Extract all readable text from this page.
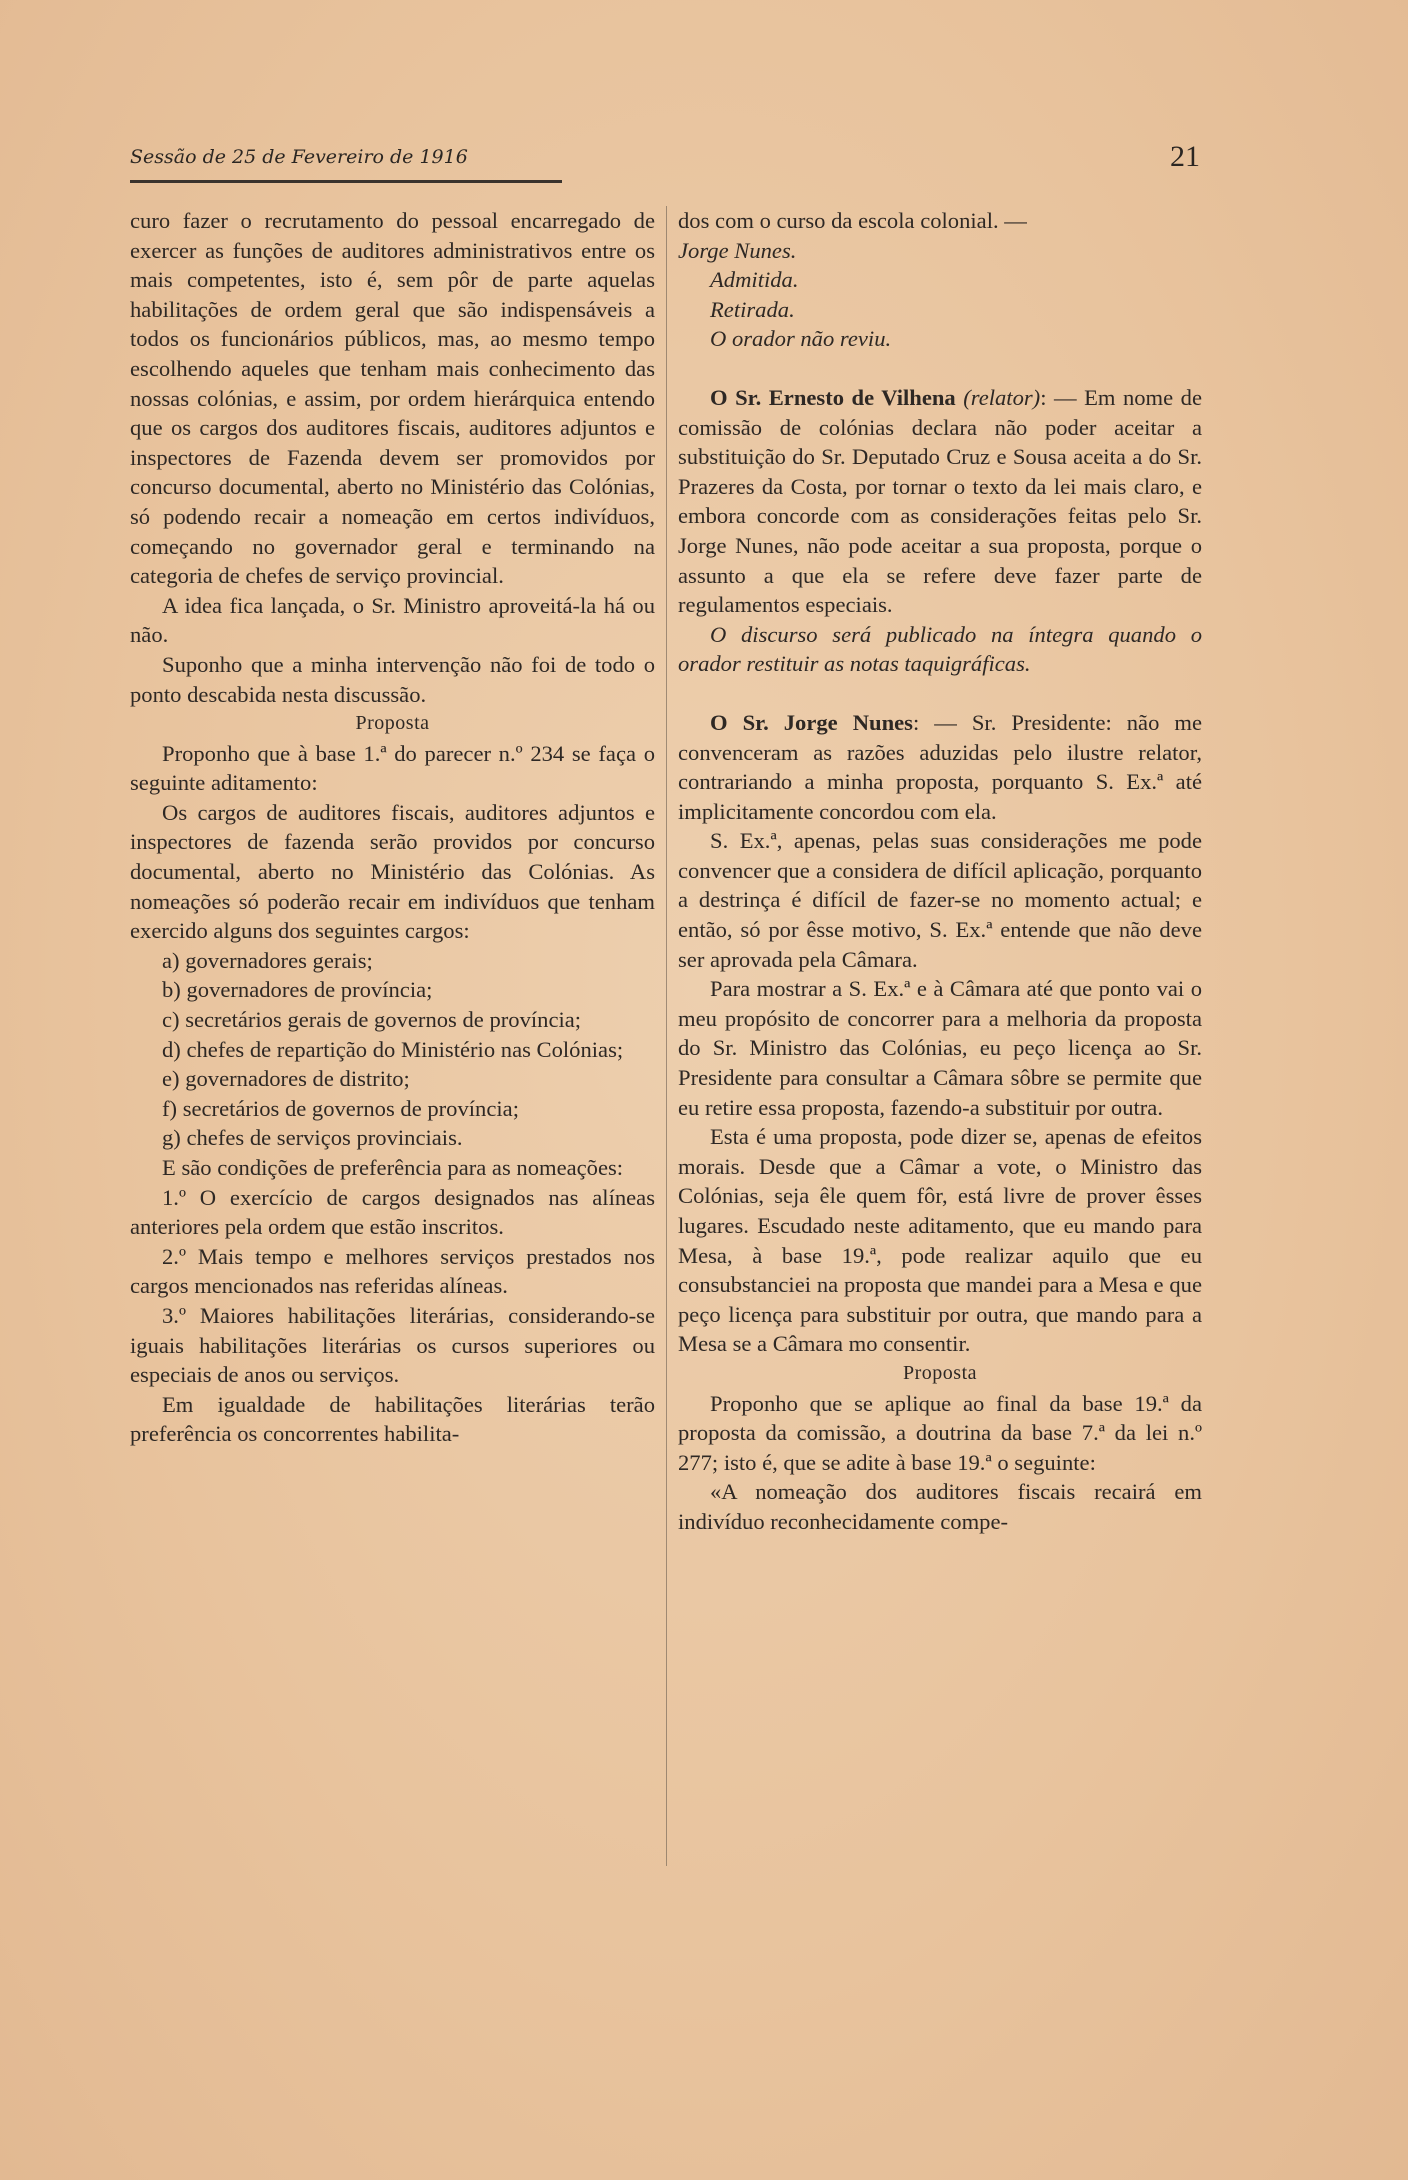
Sessão de 25 de Fevereiro de 1916	21

curo fazer o recrutamento do pessoal encarregado de exercer as funções de auditores administrativos entre os mais competentes, isto é, sem pôr de parte aquelas habilitações de ordem geral que são indispensáveis a todos os funcionários públicos, mas, ao mesmo tempo escolhendo aqueles que tenham mais conhecimento das nossas colónias, e assim, por ordem hierárquica entendo que os cargos dos auditores fiscais, auditores adjuntos e inspectores de Fazenda devem ser promovidos por concurso documental, aberto no Ministério das Colónias, só podendo recair a nomeação em certos indivíduos, começando no governador geral e terminando na categoria de chefes de serviço provincial.

A idea fica lançada, o Sr. Ministro aproveitá-la há ou não.

Suponho que a minha intervenção não foi de todo o ponto descabida nesta discussão.

Proposta

Proponho que à base 1.ª do parecer n.º 234 se faça o seguinte aditamento:

Os cargos de auditores fiscais, auditores adjuntos e inspectores de fazenda serão providos por concurso documental, aberto no Ministério das Colónias. As nomeações só poderão recair em indivíduos que tenham exercido alguns dos seguintes cargos:

a) governadores gerais;

b) governadores de província;

c) secretários gerais de governos de província;

d) chefes de repartição do Ministério nas Colónias;

e) governadores de distrito;

f) secretários de governos de província;

g) chefes de serviços provinciais.

E são condições de preferência para as nomeações:

1.º O exercício de cargos designados nas alíneas anteriores pela ordem que estão inscritos.

2.º Mais tempo e melhores serviços prestados nos cargos mencionados nas referidas alíneas.

3.º Maiores habilitações literárias, considerando-se iguais habilitações literárias os cursos superiores ou especiais de anos ou serviços.

Em igualdade de habilitações literárias terão preferência os concorrentes habilita-

dos com o curso da escola colonial. —

Jorge Nunes.

Admitida.

Retirada.

O orador não reviu.

O Sr. Ernesto de Vilhena (relator): — Em nome de comissão de colónias declara não poder aceitar a substituição do Sr. Deputado Cruz e Sousa aceita a do Sr. Prazeres da Costa, por tornar o texto da lei mais claro, e embora concorde com as considerações feitas pelo Sr. Jorge Nunes, não pode aceitar a sua proposta, porque o assunto a que ela se refere deve fazer parte de regulamentos especiais.

O discurso será publicado na íntegra quando o orador restituir as notas taquigráficas.

O Sr. Jorge Nunes: — Sr. Presidente: não me convenceram as razões aduzidas pelo ilustre relator, contrariando a minha proposta, porquanto S. Ex.ª até implicitamente concordou com ela.

S. Ex.ª, apenas, pelas suas considerações me pode convencer que a considera de difícil aplicação, porquanto a destrinça é difícil de fazer-se no momento actual; e então, só por êsse motivo, S. Ex.ª entende que não deve ser aprovada pela Câmara.

Para mostrar a S. Ex.ª e à Câmara até que ponto vai o meu propósito de concorrer para a melhoria da proposta do Sr. Ministro das Colónias, eu peço licença ao Sr. Presidente para consultar a Câmara sôbre se permite que eu retire essa proposta, fazendo-a substituir por outra.

Esta é uma proposta, pode dizer se, apenas de efeitos morais. Desde que a Câmar a vote, o Ministro das Colónias, seja êle quem fôr, está livre de prover êsses lugares. Escudado neste aditamento, que eu mando para Mesa, à base 19.ª, pode realizar aquilo que eu consubstanciei na proposta que mandei para a Mesa e que peço licença para substituir por outra, que mando para a Mesa se a Câmara mo consentir.

Proposta

Proponho que se aplique ao final da base 19.ª da proposta da comissão, a doutrina da base 7.ª da lei n.º 277; isto é, que se adite à base 19.ª o seguinte:

«A nomeação dos auditores fiscais recairá em indivíduo reconhecidamente compe-
